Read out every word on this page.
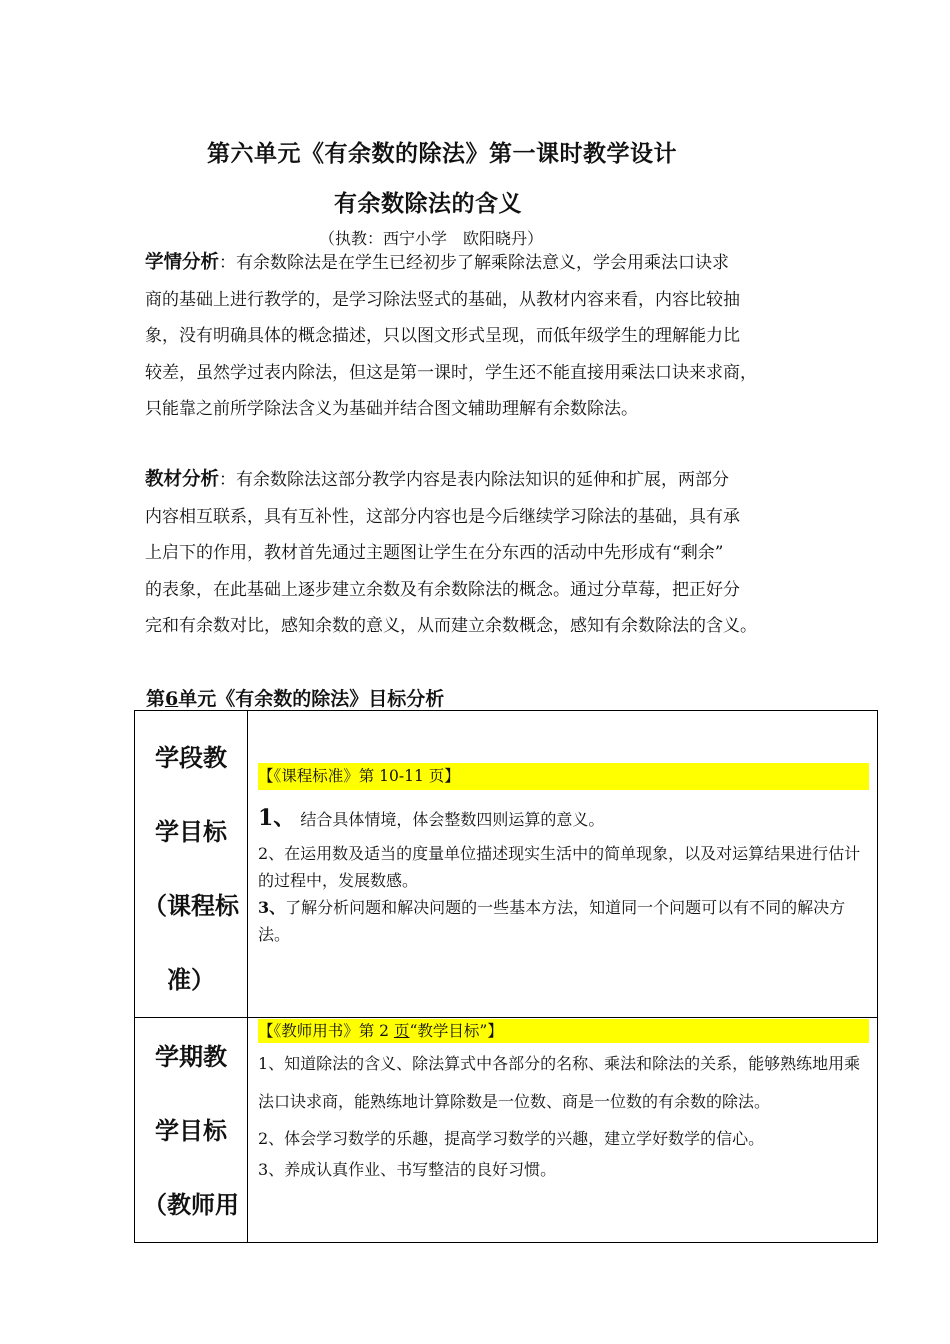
第六单元《有余数的除法》第一课时教学设计
有余数除法的含义
（执教：西宁小学　欧阳晓丹）
学情分析：有余数除法是在学生已经初步了解乘除法意义，学会用乘法口诀求
商的基础上进行教学的，是学习除法竖式的基础，从教材内容来看，内容比较抽
象，没有明确具体的概念描述，只以图文形式呈现，而低年级学生的理解能力比
较差，虽然学过表内除法，但这是第一课时，学生还不能直接用乘法口诀来求商，
只能靠之前所学除法含义为基础并结合图文辅助理解有余数除法。
教材分析：有余数除法这部分教学内容是表内除法知识的延伸和扩展，两部分
内容相互联系，具有互补性，这部分内容也是今后继续学习除法的基础，具有承
上启下的作用，教材首先通过主题图让学生在分东西的活动中先形成有“剩余”
的表象，在此基础上逐步建立余数及有余数除法的概念。通过分草莓，把正好分
完和有余数对比，感知余数的意义，从而建立余数概念，感知有余数除法的含义。
第6单元《有余数的除法》目标分析
学段教
学目标
（课程标
准）	【《课程标准》第 10-11 页】
1、 结合具体情境，体会整数四则运算的意义。
2、在运用数及适当的度量单位描述现实生活中的简单现象，以及对运算结果进行估计的过程中，发展数感。
3、了解分析问题和解决问题的一些基本方法，知道同一个问题可以有不同的解决方法。

学期教
学目标
（教师用	【《教师用书》第 2 页“教学目标”】
1、知道除法的含义、除法算式中各部分的名称、乘法和除法的关系，能够熟练地用乘法口诀求商，能熟练地计算除数是一位数、商是一位数的有余数的除法。
2、体会学习数学的乐趣，提高学习数学的兴趣，建立学好数学的信心。
3、养成认真作业、书写整洁的良好习惯。
